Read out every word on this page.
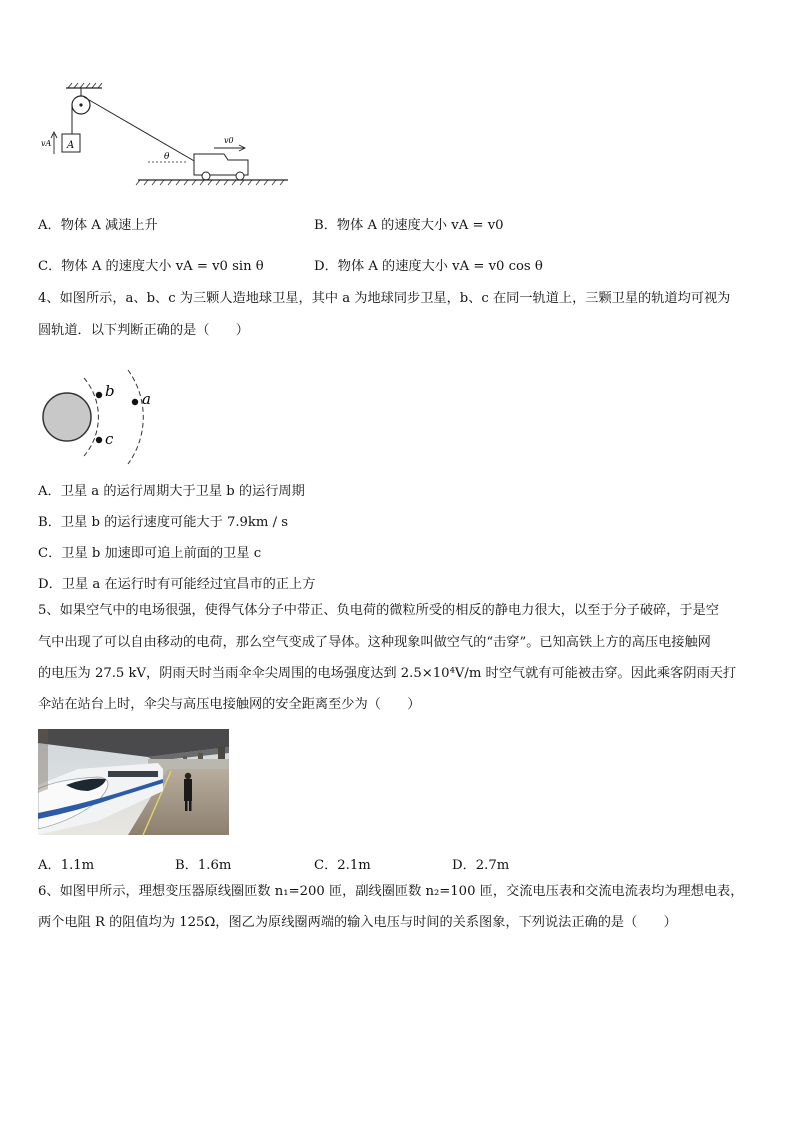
A
vA
θ
v0
A．物体 A 减速上升	B．物体 A 的速度大小 vA = v0
C．物体 A 的速度大小 vA = v0 sin θ	D．物体 A 的速度大小 vA = v0 cos θ
4、如图所示，a、b、c 为三颗人造地球卫星，其中 a 为地球同步卫星，b、c 在同一轨道上，三颗卫星的轨道均可视为
圆轨道．以下判断正确的是（　　）
b
c
a
A．卫星 a 的运行周期大于卫星 b 的运行周期
B．卫星 b 的运行速度可能大于 7.9km / s
C．卫星 b 加速即可追上前面的卫星 c
D．卫星 a 在运行时有可能经过宜昌市的正上方
5、如果空气中的电场很强，使得气体分子中带正、负电荷的微粒所受的相反的静电力很大，以至于分子破碎，于是空
气中出现了可以自由移动的电荷，那么空气变成了导体。这种现象叫做空气的“击穿”。已知高铁上方的高压电接触网
的电压为 27.5 kV，阴雨天时当雨伞伞尖周围的电场强度达到 2.5×10⁴V/m 时空气就有可能被击穿。因此乘客阴雨天打
伞站在站台上时，伞尖与高压电接触网的安全距离至少为（　　）
A．1.1m	B．1.6m	C．2.1m	D．2.7m
6、如图甲所示，理想变压器原线圈匝数 n₁=200 匝，副线圈匝数 n₂=100 匝，交流电压表和交流电流表均为理想电表，
两个电阻 R 的阻值均为 125Ω，图乙为原线圈两端的输入电压与时间的关系图象，下列说法正确的是（　　）
